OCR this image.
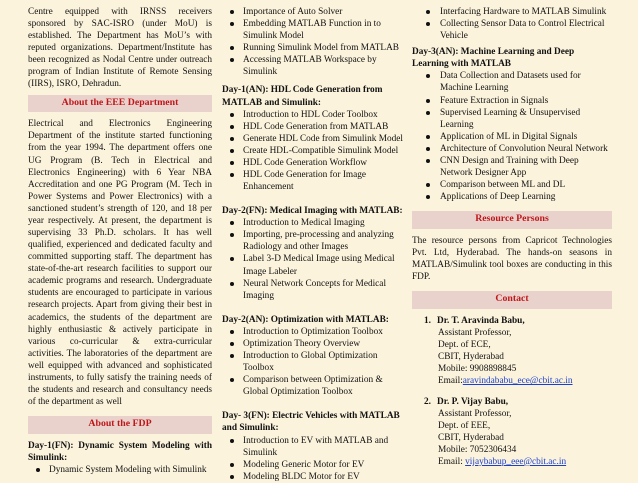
Centre equipped with IRNSS receivers sponsored by SAC-ISRO (under MoU) is established. The Department has MoU’s with reputed organizations. Department/Institute has been recognized as Nodal Centre under outreach program of Indian Institute of Remote Sensing (IIRS), ISRO, Dehradun.

About the EEE Department

Electrical and Electronics Engineering Department of the institute started functioning from the year 1994. The department offers one UG Program (B. Tech in Electrical and Electronics Engineering) with 6 Year NBA Accreditation and one PG Program (M. Tech in Power Systems and Power Electronics) with a sanctioned student’s strength of 120, and 18 per year respectively. At present, the department is supervising 33 Ph.D. scholars. It has well qualified, experienced and dedicated faculty and committed supporting staff. The department has state-of-the-art research facilities to support our academic programs and research. Undergraduate students are encouraged to participate in various research projects. Apart from giving their best in academics, the students of the department are highly enthusiastic & actively participate in various co-curricular & extra-curricular activities. The laboratories of the department are well equipped with advanced and sophisticated instruments, to fully satisfy the training needs of the students and research and consultancy needs of the department as well

About the FDP

Day-1(FN): Dynamic System Modeling with Simulink:

Dynamic System Modeling with Simulink
Importance of Auto Solver
Embedding MATLAB Function in to Simulink Model
Running Simulink Model from MATLAB
Accessing MATLAB Workspace by Simulink

Day-1(AN): HDL Code Generation from MATLAB and Simulink:

Introduction to HDL Coder Toolbox
HDL Code Generation from MATLAB
Generate HDL Code from Simulink Model
Create HDL-Compatible Simulink Model
HDL Code Generation Workflow
HDL Code Generation for Image Enhancement

Day-2(FN): Medical Imaging with MATLAB:

Introduction to Medical Imaging
Importing, pre-processing and analyzing Radiology and other Images
Label 3-D Medical Image using Medical Image Labeler
Neural Network Concepts for Medical Imaging

Day-2(AN): Optimization with MATLAB:

Introduction to Optimization Toolbox
Optimization Theory Overview
Introduction to Global Optimization Toolbox
Comparison between Optimization & Global Optimization Toolbox

Day- 3(FN): Electric Vehicles with MATLAB and Simulink:

Introduction to EV with MATLAB and Simulink
Modeling Generic Motor for EV
Modeling BLDC Motor for EV
Interfacing Hardware to MATLAB Simulink
Collecting Sensor Data to Control Electrical Vehicle

Day-3(AN): Machine Learning and Deep Learning with MATLAB

Data Collection and Datasets used for Machine Learning
Feature Extraction in Signals
Supervised Learning & Unsupervised Learning
Application of ML in Digital Signals
Architecture of Convolution Neural Network
CNN Design and Training with Deep Network Designer App
Comparison between ML and DL
Applications of Deep Learning
Resource Persons

The resource persons from Capricot Technologies Pvt. Ltd, Hyderabad. The hands-on seasons in MATLAB/Simulink tool boxes are conducting in this FDP.

Contact
1. Dr. T. Aravinda Babu,
Assistant Professor,
Dept. of ECE,
CBIT, Hyderabad
Mobile: 9908898845
Email:aravindababu_ece@cbit.ac.in
2. Dr. P. Vijay Babu,
Assistant Professor,
Dept. of EEE,
CBIT, Hyderabad
Mobile: 7052306434
Email: vijaybabup_eee@cbit.ac.in
